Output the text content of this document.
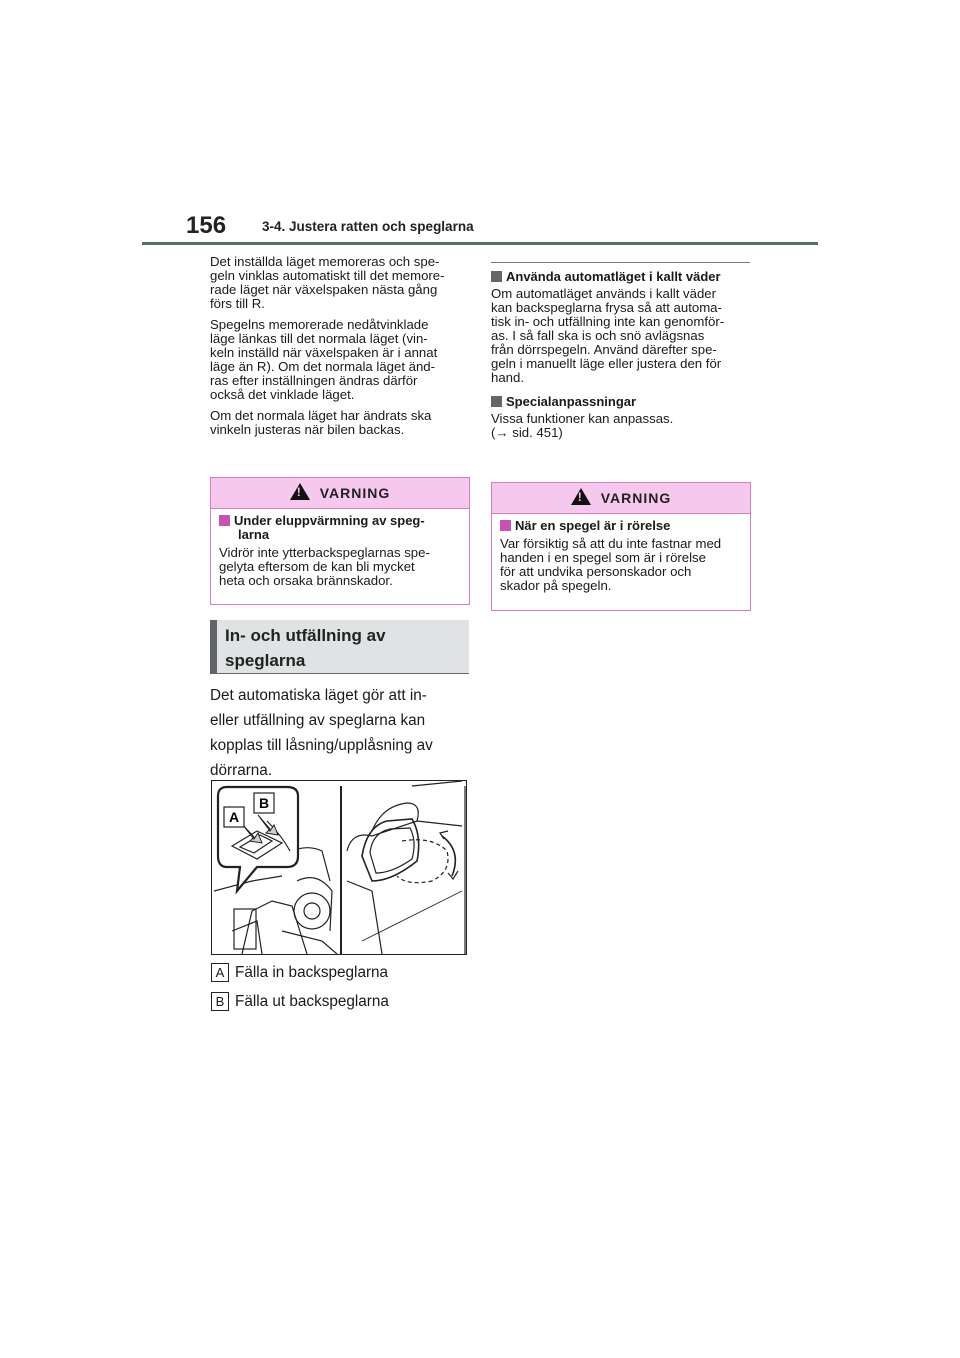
156	3-4. Justera ratten och speglarna

Det inställda läget memoreras och spe-
geln vinklas automatiskt till det memore-
rade läget när växelspaken nästa gång
förs till R.

Spegelns memorerade nedåtvinklade
läge länkas till det normala läget (vin-
keln inställd när växelspaken är i annat
läge än R). Om det normala läget änd-
ras efter inställningen ändras därför
också det vinklade läget.

Om det normala läget har ändrats ska
vinkeln justeras när bilen backas.

!VARNING
Under eluppvärmning av speg-
larna

Vidrör inte ytterbackspeglarnas spe-
gelyta eftersom de kan bli mycket
heta och orsaka brännskador.

In- och utfällning av
speglarna

Det automatiska läget gör att in-
eller utfällning av speglarna kan
kopplas till låsning/upplåsning av
dörrarna.

A
B
A Fälla in backspeglarna
B Fälla ut backspeglarna
Använda automatläget i kallt väder

Om automatläget används i kallt väder
kan backspeglarna frysa så att automa-
tisk in- och utfällning inte kan genomför-
as. I så fall ska is och snö avlägsnas
från dörrspegeln. Använd därefter spe-
geln i manuellt läge eller justera den för
hand.

Specialanpassningar

Vissa funktioner kan anpassas.
(→ sid. 451)

!VARNING
När en spegel är i rörelse

Var försiktig så att du inte fastnar med
handen i en spegel som är i rörelse
för att undvika personskador och
skador på spegeln.
